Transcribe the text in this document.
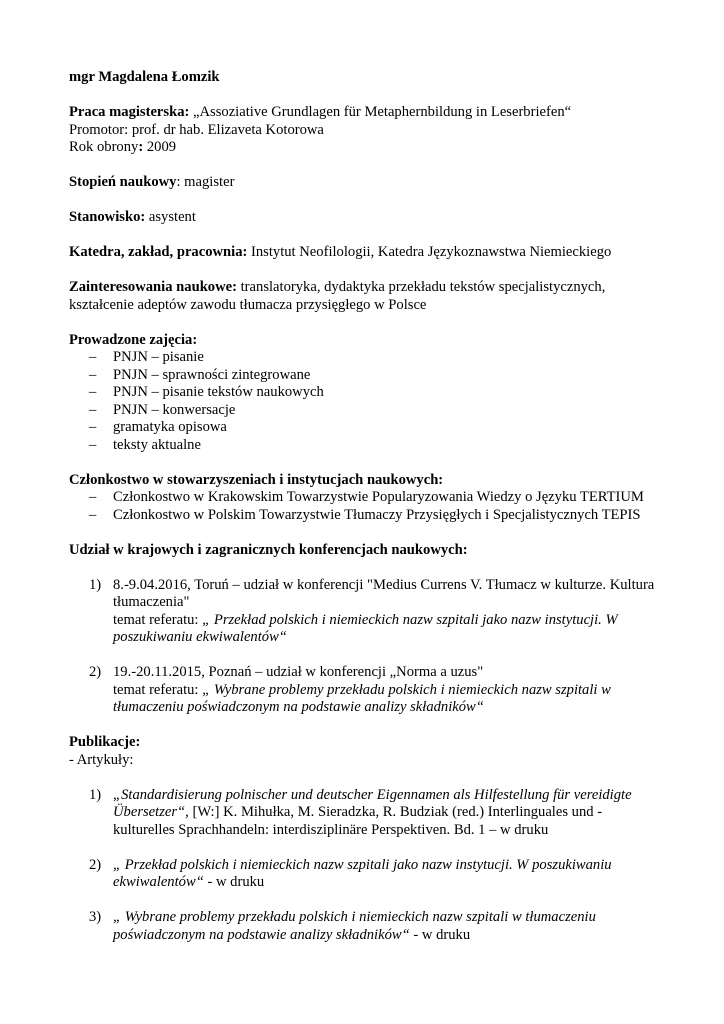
mgr Magdalena Łomzik

Praca magisterska: „Assoziative Grundlagen für Metaphernbildung in Leserbriefen“

Promotor: prof. dr hab. Elizaveta Kotorowa

Rok obrony: 2009

Stopień naukowy: magister

Stanowisko: asystent

Katedra, zakład, pracownia: Instytut Neofilologii, Katedra Językoznawstwa Niemieckiego

Zainteresowania naukowe: translatoryka, dydaktyka przekładu tekstów specjalistycznych,

kształcenie adeptów zawodu tłumacza przysięgłego w Polsce

Prowadzone zajęcia:

– PNJN – pisanie
– PNJN – sprawności zintegrowane
– PNJN – pisanie tekstów naukowych
– PNJN – konwersacje
– gramatyka opisowa
– teksty aktualne

Członkostwo w stowarzyszeniach i instytucjach naukowych:

– Członkostwo w Krakowskim Towarzystwie Popularyzowania Wiedzy o Języku TERTIUM
– Członkostwo w Polskim Towarzystwie Tłumaczy Przysięgłych i Specjalistycznych TEPIS

Udział w krajowych i zagranicznych konferencjach naukowych:

1) 8.-9.04.2016, Toruń – udział w konferencji "Medius Currens V. Tłumacz w kulturze. Kultura
tłumaczenia"
temat referatu: „ Przekład polskich i niemieckich nazw szpitali jako nazw instytucji. W
poszukiwaniu ekwiwalentów“
2) 19.-20.11.2015, Poznań – udział w konferencji „Norma a uzus"
temat referatu: „ Wybrane problemy przekładu polskich i niemieckich nazw szpitali w
tłumaczeniu poświadczonym na podstawie analizy składników“

Publikacje:

- Artykuły:

1) „Standardisierung polnischer und deutscher Eigennamen als Hilfestellung für vereidigte
Übersetzer“, [W:] K. Mihułka, M. Sieradzka, R. Budziak (red.) Interlinguales und -
kulturelles Sprachhandeln: interdisziplinäre Perspektiven. Bd. 1 – w druku
2) „ Przekład polskich i niemieckich nazw szpitali jako nazw instytucji. W poszukiwaniu
ekwiwalentów“ - w druku
3) „ Wybrane problemy przekładu polskich i niemieckich nazw szpitali w tłumaczeniu
poświadczonym na podstawie analizy składników“ - w druku
